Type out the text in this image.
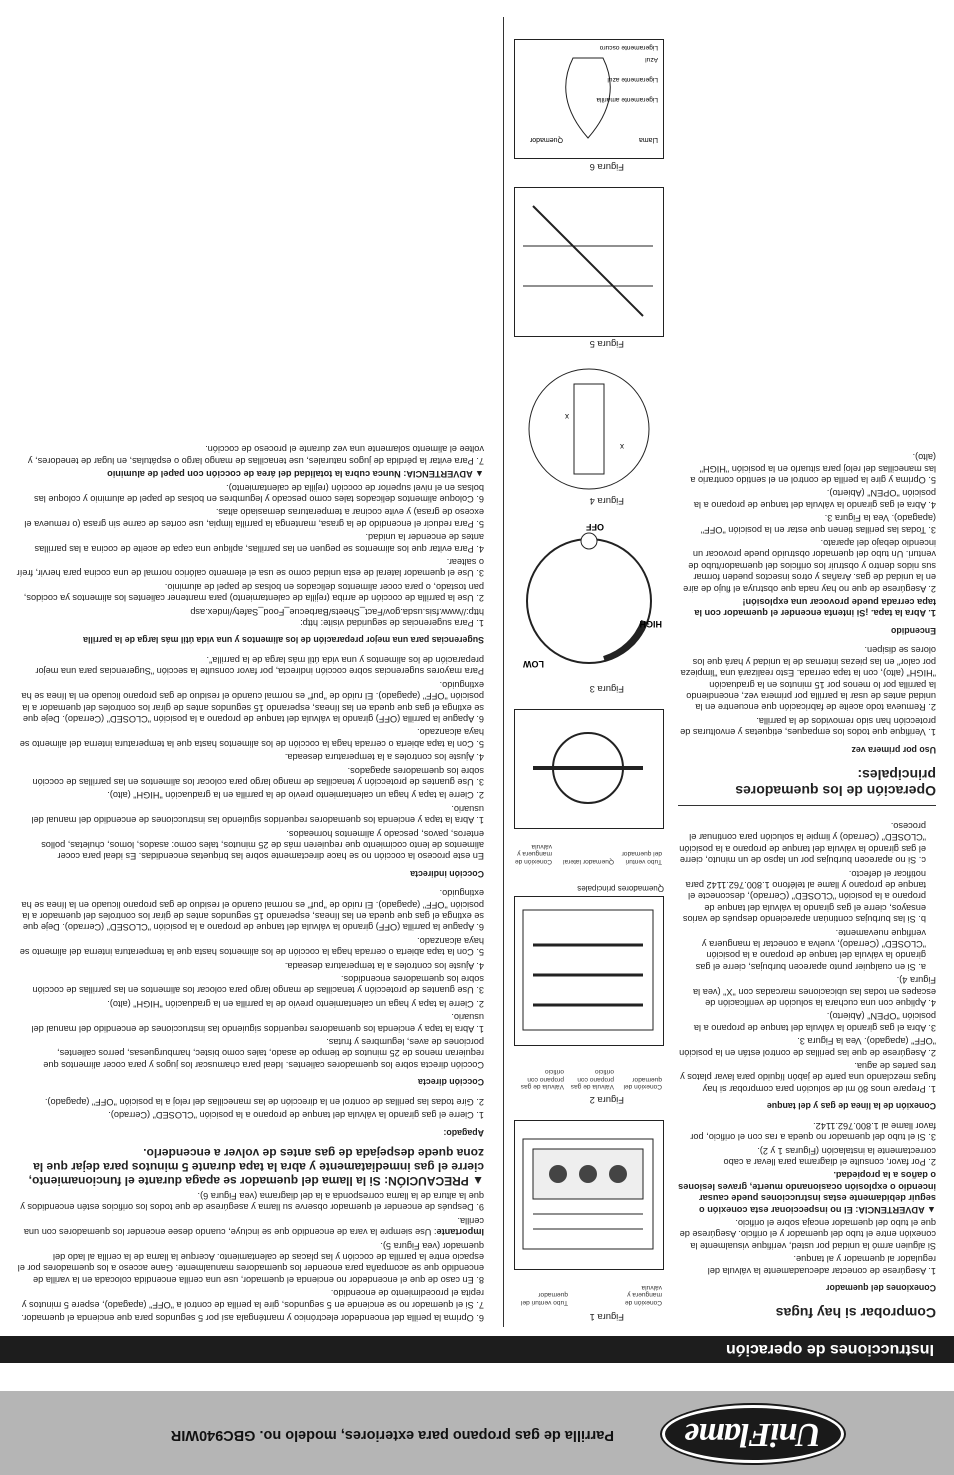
UniFlame
Parrilla de gas propano para exteriores, modelo no. GBC940WIR
Instrucciones de operación
Comprobar si hay fugas
Conexiones del quemador

1. Asegúrese de conectar adecuadamente la válvula del regulador al quemador y al tanque.

Si alguien armó la unidad por usted, verifique visualmente la conexión entre el tubo del quemador y el orificio. Asegúrese de que el tubo del quemador encaja sobre el orificio.

▲ ADVERTENCIA: El no inspeccionar esta conexión o seguir debidamente estas instrucciones puede causar incendio o explosión ocasionando muerte, graves lesiones o daños a la propiedad.

2. Por favor, consulte el diagrama para llevar a cabo correctamente la instalación (Figuras 1 y 2).

3. Si el tubo del quemador no queda a ras con el orificio, por favor llame al 1.800.762.1142.

Conexión de la línea de gas y del tanque

1. Prepare unos 80 ml de solución para comprobar si hay fugas mezclando una parte de jabón líquido para lavar platos y tres partes de agua.

2. Asegúrese de que las perillas de control están en la posición "OFF" (apagado). Vea la Figura 3.

3. Abra el gas girando la válvula del tanque de propano a la posición "OPEN" (Abierto).

4. Aplique con una cuchara la solución de verificación de escapes en todas las ubicaciones marcadas con "X" (vea la Figura 4).

a. Si en cualquier punto aparecen burbujas, cierre el gas girando la válvula del tanque de propano a la posición "CLOSED" (Cerrado), vuelva a conectar la manguera y verifique nuevamente.

b. Si las burbujas continúan apareciendo después de varios ensayos, cierre el gas girando la válvula del tanque de propano a la posición "CLOSED" (Cerrado), desconecte el tanque de propano y llame al teléfono 1.800.762.1142 para notificar el defecto.

c. Si no aparecen burbujas por un lapso de un minuto, cierre el gas girando la válvula del tanque de propano a la posición "CLOSED" (Cerrado) y limpie la solución para continuar el proceso.

Operación de los quemadores principales:
Uso por primera vez

1. Verifique que todos los empaques, etiquetas y envolturas de protección han sido removidos de la parrilla.

2. Remueva todo aceite de fabricación que encuentre en la unidad antes de usar la parrilla por primera vez, encendiendo la parrilla por lo menos por 15 minutos en la graduación "HIGH" (alto), con la tapa cerrada. Esto realizará una "limpieza por calor" en las piezas internas de la unidad y hará que los olores se disipen.

Encendido

1. Abra la tapa. ¡Si intenta encender el quemador con la tapa cerrada puede provocar una explosión!

2. Asegúrese de que no hay nada que obstruya el flujo de aire en la unidad de gas. Arañas y otros insectos pueden formar sus nidos dentro y obstruir los orificios del quemador/tubo de venturi. Un tubo del quemador obstruido puede provocar un incendio debajo del aparato.

3. Todas las perillas tienen que estar en la posición "OFF" (apagado). Vea la Figura 3.

4. Abra el gas girando la válvula del tanque de propano a la posición "OPEN" (Abierto).

5. Oprima y gire la perilla de control en el sentido contrario a las manecillas del reloj para situarlo en la posición "HIGH" (alto).

Figura 1
Conexión de manguera y válvula
Tubo venturi del quemador
Figura 2
Conexión del quemador
Válvula de gas propano con orificio
Válvula de gas propano con orificio
Quemadores principales
Tubo venturi del quemador
Quemador lateral
Conexión de manguera y válvula
Figura 3
OFF
HIGH
LOW
Figura 4
x
x
Figura 5
Figura 6
Llama
Quemador
Ligeramente amarilla
Ligeramente azul
Azul
Ligeramente oscuro

6. Oprima la perilla del encendedor electrónico y manténgala así por 5 segundos para que encienda el quemador.

7. Si el quemador no se enciende en 5 segundos, gire la perilla de control a "OFF" (apagado), espere 5 minutos y repita el procedimiento de encendido.

8. En caso de que el encendedor no encienda el quemador, use una cerilla encendida colocada en la varilla de encendido que se acompaña para encender los quemadores manualmente. Gane acceso a los quemadores por el espacio entre la parrilla de cocción y las placas de calentamiento. Acerque la llama de la cerilla al lado del quemador (vea Figura 5).

Importante: Use siempre la vara de encendido que se incluye, cuando desee encender los quemadores con una cerilla.

9. Después de encender el quemador observe su llama y asegúrese de que todos los orificios estén encendidos y que la altura de la llama corresponda a la del diagrama (vea Figura 6).

▲ PRECAUCIÓN: Si la llama del quemador se apaga durante el funcionamiento, cierre el gas inmediatamente y abra la tapa durante 5 minutos para dejar que la zona quede despejada de gas antes de volver a encenderlo.

Apagado:

1. Cierre el gas girando la válvula del tanque de propano a la posición "CLOSED" (Cerrado).

2. Gire todas las perillas de control en la dirección de las manecillas del reloj a la posición "OFF" (apagado).

Cocción directa

Cocción directa sobre los quemadores calientes. Ideal para chamuscar los jugos y para cocer alimentos que requieran menos de 25 minutos de tiempo de asado, tales como bistec, hamburguesas, perros calientes, porciones de aves, legumbres y frutas.

1. Abra la tapa y encienda los quemadores requeridos siguiendo las instrucciones de encendido del manual del usuario.

2. Cierre la tapa y haga un calentamiento previo de la parrilla en la graduación "HIGH" (alto).

3. Use guantes de protección y tenacillas de mango largo para colocar los alimentos en las parrillas de cocción sobre los quemadores encendidos.

4. Ajuste los controles a la temperatura deseada.

5. Con la tapa abierta o cerrada haga la cocción de los alimentos hasta que la temperatura interna del alimento se haya alcanzado.

6. Apague la parrilla (OFF) girando la válvula del tanque de propano a la posición "CLOSED" (Cerrado). Deje que se extinga el gas que queda en las líneas, esperando 15 segundos antes de girar los controles del quemador a la posición "OFF" (apagado). El ruido de "puf" es normal cuando el residuo de gas propano licuado en la línea se ha extinguido.

Cocción indirecta

En este proceso la cocción no se hace directamente sobre las briquetas encendidas. Es ideal para cocer alimentos de lento cocimiento que requieren más de 25 minutos, tales como: asados, lomos, chuletas, pollos enteros, pavos, pescado y alimentos horneados.

1. Abra la tapa y encienda los quemadores requeridos siguiendo las instrucciones de encendido del manual del usuario.

2. Cierre la tapa y haga un calentamiento previo de la parrilla en la graduación "HIGH" (alto).

3. Use guantes de protección y tenacillas de mango largo para colocar los alimentos en las parrillas de cocción sobre los quemadores apagados.

4. Ajuste los controles a la temperatura deseada.

5. Con la tapa abierta o cerrada haga la cocción de los alimentos hasta que la temperatura interna del alimento se haya alcanzado.

6. Apague la parrilla (OFF) girando la válvula del tanque de propano a la posición "CLOSED" (Cerrado). Deje que se extinga el gas que queda en las líneas, esperando 15 segundos antes de girar los controles del quemador a la posición "OFF" (apagado). El ruido de "puf" es normal cuando el residuo de gas propano licuado en la línea se ha extinguido.

Para mayores sugerencias sobre cocción indirecta, por favor consulte la sección "Sugerencias para una mejor preparación de los alimentos y una vida útil más larga de la parrilla".

Sugerencias para una mejor preparación de los alimentos y una vida útil más larga de la parrilla

1. Para sugerencias de seguridad visite: http: http://www.fsis.usda.gov/Fact_Sheets/Barbecue_Food_Safety/index.asp

2. Use la parrilla de cocción de arriba (rejilla de calentamiento) para mantener calientes los alimentos ya cocidos, pan tostado, o para cocer alimentos delicados en bolsas de papel de aluminio.

3. Use el quemador lateral de esta unidad como se usa el elemento calórico normal de una cocina para hervir, freír o saltear.

4. Para evitar que los alimentos se peguen en las parrillas, aplique una capa de aceite de cocina a las parrillas antes de encender la unidad.

5. Para reducir el encendido de la grasa, mantenga la parrilla limpia, use cortes de carne sin grasa (o remueva el exceso de grasa) y evite cocinar a temperaturas demasiado altas.

6. Coloque alimentos delicados tales como pescado y legumbres en bolsas de papel de aluminio y coloque las bolsas en el nivel superior de cocción (rejilla de calentamiento).

▲ ADVERTENCIA: Nunca cubra la totalidad del área de cocción con papel de aluminio

7. Para evitar la pérdida de jugos naturales, use tenacillas de mango largo o espátulas, en lugar de tenedores, y voltee el alimento solamente una vez durante el proceso de cocción.
